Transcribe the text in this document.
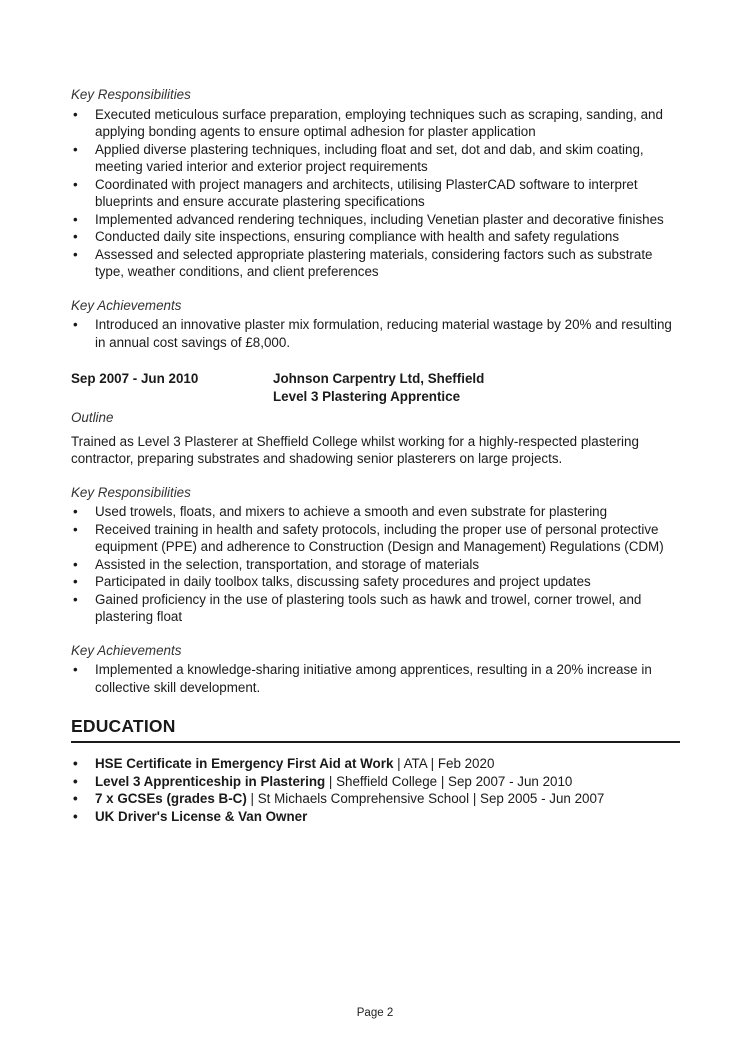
Key Responsibilities

• Executed meticulous surface preparation, employing techniques such as scraping, sanding, and applying bonding agents to ensure optimal adhesion for plaster application
• Applied diverse plastering techniques, including float and set, dot and dab, and skim coating, meeting varied interior and exterior project requirements
• Coordinated with project managers and architects, utilising PlasterCAD software to interpret blueprints and ensure accurate plastering specifications
• Implemented advanced rendering techniques, including Venetian plaster and decorative finishes
• Conducted daily site inspections, ensuring compliance with health and safety regulations
• Assessed and selected appropriate plastering materials, considering factors such as substrate type, weather conditions, and client preferences

Key Achievements

• Introduced an innovative plaster mix formulation, reducing material wastage by 20% and resulting in annual cost savings of £8,000.
Sep 2007 - Jun 2010	Johnson Carpentry Ltd, Sheffield
Level 3 Plastering Apprentice

Outline

Trained as Level 3 Plasterer at Sheffield College whilst working for a highly-respected plastering contractor, preparing substrates and shadowing senior plasterers on large projects.

Key Responsibilities

• Used trowels, floats, and mixers to achieve a smooth and even substrate for plastering
• Received training in health and safety protocols, including the proper use of personal protective equipment (PPE) and adherence to Construction (Design and Management) Regulations (CDM)
• Assisted in the selection, transportation, and storage of materials
• Participated in daily toolbox talks, discussing safety procedures and project updates
• Gained proficiency in the use of plastering tools such as hawk and trowel, corner trowel, and plastering float

Key Achievements

• Implemented a knowledge-sharing initiative among apprentices, resulting in a 20% increase in collective skill development.
EDUCATION
• HSE Certificate in Emergency First Aid at Work | ATA | Feb 2020
• Level 3 Apprenticeship in Plastering | Sheffield College | Sep 2007 - Jun 2010
• 7 x GCSEs (grades B-C) | St Michaels Comprehensive School | Sep 2005 - Jun 2007
• UK Driver's License & Van Owner
Page 2
